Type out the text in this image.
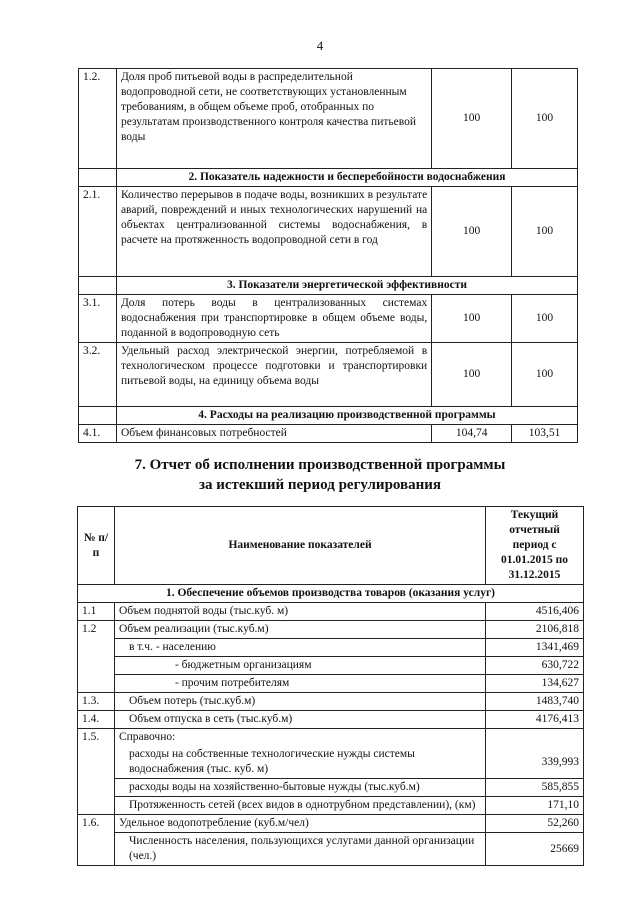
4
1.2.	Доля проб питьевой воды в распределительной водопроводной сети, не соответствующих установленным требованиям, в общем объеме проб, отобранных по результатам производственного контроля качества питьевой воды	100	100
	2. Показатель надежности и бесперебойности водоснабжения		
2.1.	Количество перерывов в подаче воды, возникших в результате аварий, повреждений и иных технологических нарушений на объектах централизованной системы водоснабжения, в расчете на протяженность водопроводной сети в год	100	100
	3. Показатели энергетической эффективности		
3.1.	Доля потерь воды в централизованных системах водоснабжения при транспортировке в общем объеме воды, поданной в водопроводную сеть	100	100
3.2.	Удельный расход электрической энергии, потребляемой в технологическом процессе подготовки и транспортировки питьевой воды, на единицу объема воды	100	100
	4. Расходы на реализацию производственной программы		
4.1.	Объем финансовых потребностей	104,74	103,51
7. Отчет об исполнении производственной программы
за истекший период регулирования
№ п/п	Наименование показателей	Текущий отчетный период с 01.01.2015 по 31.12.2015
1. Обеспечение объемов производства товаров (оказания услуг)		
1.1	Объем поднятой воды (тыс.куб. м)	4516,406
1.2	Объем реализации (тыс.куб.м)	2106,818
	в т.ч. - населению	1341,469
	- бюджетным организациям	630,722
	- прочим потребителям	134,627
1.3.	Объем потерь (тыс.куб.м)	1483,740
1.4.	Объем отпуска в сеть (тыс.куб.м)	4176,413
1.5.	Справочно:	
	расходы на собственные технологические нужды системы водоснабжения (тыс. куб. м)	339,993
	расходы воды на хозяйственно-бытовые нужды (тыс.куб.м)	585,855
	Протяженность сетей (всех видов в однотрубном представлении), (км)	171,10
1.6.	Удельное водопотребление (куб.м/чел)	52,260
	Численность населения, пользующихся услугами данной организации (чел.)	25669
